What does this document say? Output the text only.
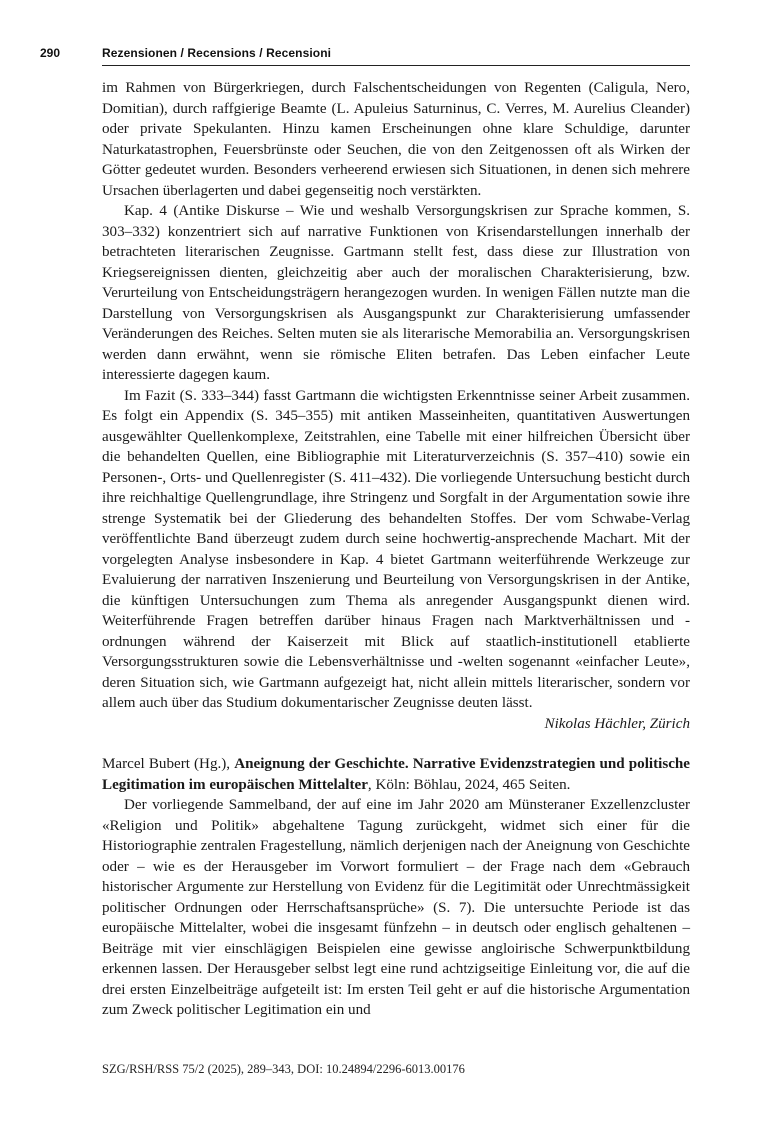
290	Rezensionen / Recensions / Recensioni

im Rahmen von Bürgerkriegen, durch Falschentscheidungen von Regenten (Caligula, Nero, Domitian), durch raffgierige Beamte (L. Apuleius Saturninus, C. Verres, M. Aurelius Cleander) oder private Spekulanten. Hinzu kamen Erscheinungen ohne klare Schuldige, darunter Naturkatastrophen, Feuersbrünste oder Seuchen, die von den Zeitgenossen oft als Wirken der Götter gedeutet wurden. Besonders verheerend erwiesen sich Situationen, in denen sich mehrere Ursachen überlagerten und dabei gegenseitig noch verstärkten.

Kap. 4 (Antike Diskurse – Wie und weshalb Versorgungskrisen zur Sprache kommen, S. 303–332) konzentriert sich auf narrative Funktionen von Krisendarstellungen innerhalb der betrachteten literarischen Zeugnisse. Gartmann stellt fest, dass diese zur Illustration von Kriegsereignissen dienten, gleichzeitig aber auch der moralischen Charakterisierung, bzw. Verurteilung von Entscheidungsträgern herangezogen wurden. In wenigen Fällen nutzte man die Darstellung von Versorgungskrisen als Ausgangspunkt zur Charakterisierung umfassender Veränderungen des Reiches. Selten muten sie als literarische Memorabilia an. Versorgungskrisen werden dann erwähnt, wenn sie römische Eliten betrafen. Das Leben einfacher Leute interessierte dagegen kaum.

Im Fazit (S. 333–344) fasst Gartmann die wichtigsten Erkenntnisse seiner Arbeit zusammen. Es folgt ein Appendix (S. 345–355) mit antiken Masseinheiten, quantitativen Auswertungen ausgewählter Quellenkomplexe, Zeitstrahlen, eine Tabelle mit einer hilfreichen Übersicht über die behandelten Quellen, eine Bibliographie mit Literaturverzeichnis (S. 357–410) sowie ein Personen-, Orts- und Quellenregister (S. 411–432). Die vorliegende Untersuchung besticht durch ihre reichhaltige Quellengrundlage, ihre Stringenz und Sorgfalt in der Argumentation sowie ihre strenge Systematik bei der Gliederung des behandelten Stoffes. Der vom Schwabe-Verlag veröffentlichte Band überzeugt zudem durch seine hochwertig-ansprechende Machart. Mit der vorgelegten Analyse insbesondere in Kap. 4 bietet Gartmann weiterführende Werkzeuge zur Evaluierung der narrativen Inszenierung und Beurteilung von Versorgungskrisen in der Antike, die künftigen Untersuchungen zum Thema als anregender Ausgangspunkt dienen wird. Weiterführende Fragen betreffen darüber hinaus Fragen nach Marktverhältnissen und -ordnungen während der Kaiserzeit mit Blick auf staatlich-institutionell etablierte Versorgungsstrukturen sowie die Lebensverhältnisse und -welten sogenannt «einfacher Leute», deren Situation sich, wie Gartmann aufgezeigt hat, nicht allein mittels literarischer, sondern vor allem auch über das Studium dokumentarischer Zeugnisse deuten lässt.

Nikolas Hächler, Zürich

Marcel Bubert (Hg.), Aneignung der Geschichte. Narrative Evidenzstrategien und politische Legitimation im europäischen Mittelalter, Köln: Böhlau, 2024, 465 Seiten.

Der vorliegende Sammelband, der auf eine im Jahr 2020 am Münsteraner Exzellenzcluster «Religion und Politik» abgehaltene Tagung zurückgeht, widmet sich einer für die Historiographie zentralen Fragestellung, nämlich derjenigen nach der Aneignung von Geschichte oder – wie es der Herausgeber im Vorwort formuliert – der Frage nach dem «Gebrauch historischer Argumente zur Herstellung von Evidenz für die Legitimität oder Unrechtmässigkeit politischer Ordnungen oder Herrschaftsansprüche» (S. 7). Die untersuchte Periode ist das europäische Mittelalter, wobei die insgesamt fünfzehn – in deutsch oder englisch gehaltenen – Beiträge mit vier einschlägigen Beispielen eine gewisse angloirische Schwerpunktbildung erkennen lassen. Der Herausgeber selbst legt eine rund achtzigseitige Einleitung vor, die auf die drei ersten Einzelbeiträge aufgeteilt ist: Im ersten Teil geht er auf die historische Argumentation zum Zweck politischer Legitimation ein und

SZG/RSH/RSS 75/2 (2025), 289–343, DOI: 10.24894/2296-6013.00176
